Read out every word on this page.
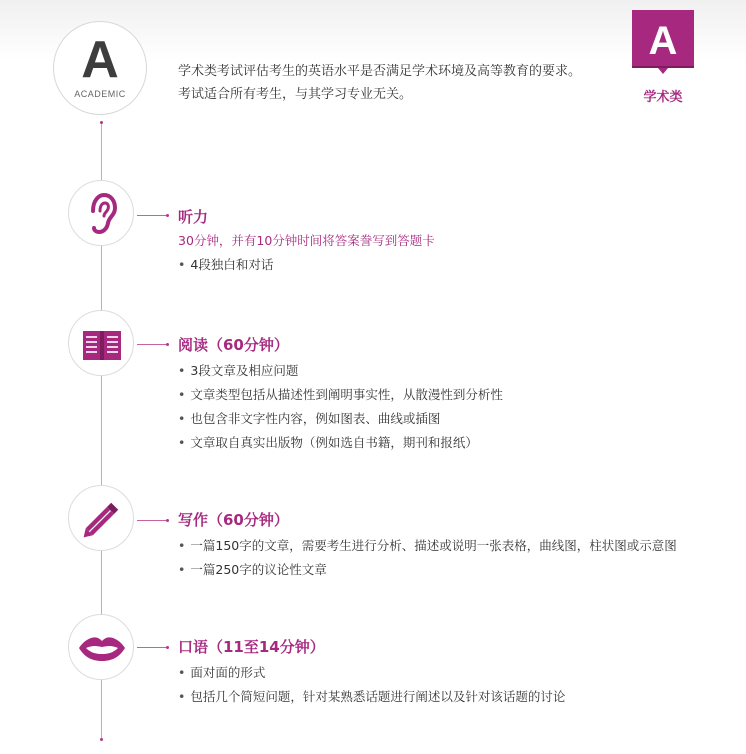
A
ACADEMIC
学术类考试评估考生的英语水平是否满足学术环境及高等教育的要求。
考试适合所有考生，与其学习专业无关。
A
学术类
听力
30分钟，并有10分钟时间将答案誊写到答题卡
• 4段独白和对话
阅读（60分钟）
• 3段文章及相应问题
• 文章类型包括从描述性到阐明事实性，从散漫性到分析性
• 也包含非文字性内容，例如图表、曲线或插图
• 文章取自真实出版物（例如选自书籍，期刊和报纸）
写作（60分钟）
• 一篇150字的文章，需要考生进行分析、描述或说明一张表格，曲线图，柱状图或示意图
• 一篇250字的议论性文章
口语（11至14分钟）
• 面对面的形式
• 包括几个简短问题，针对某熟悉话题进行阐述以及针对该话题的讨论
